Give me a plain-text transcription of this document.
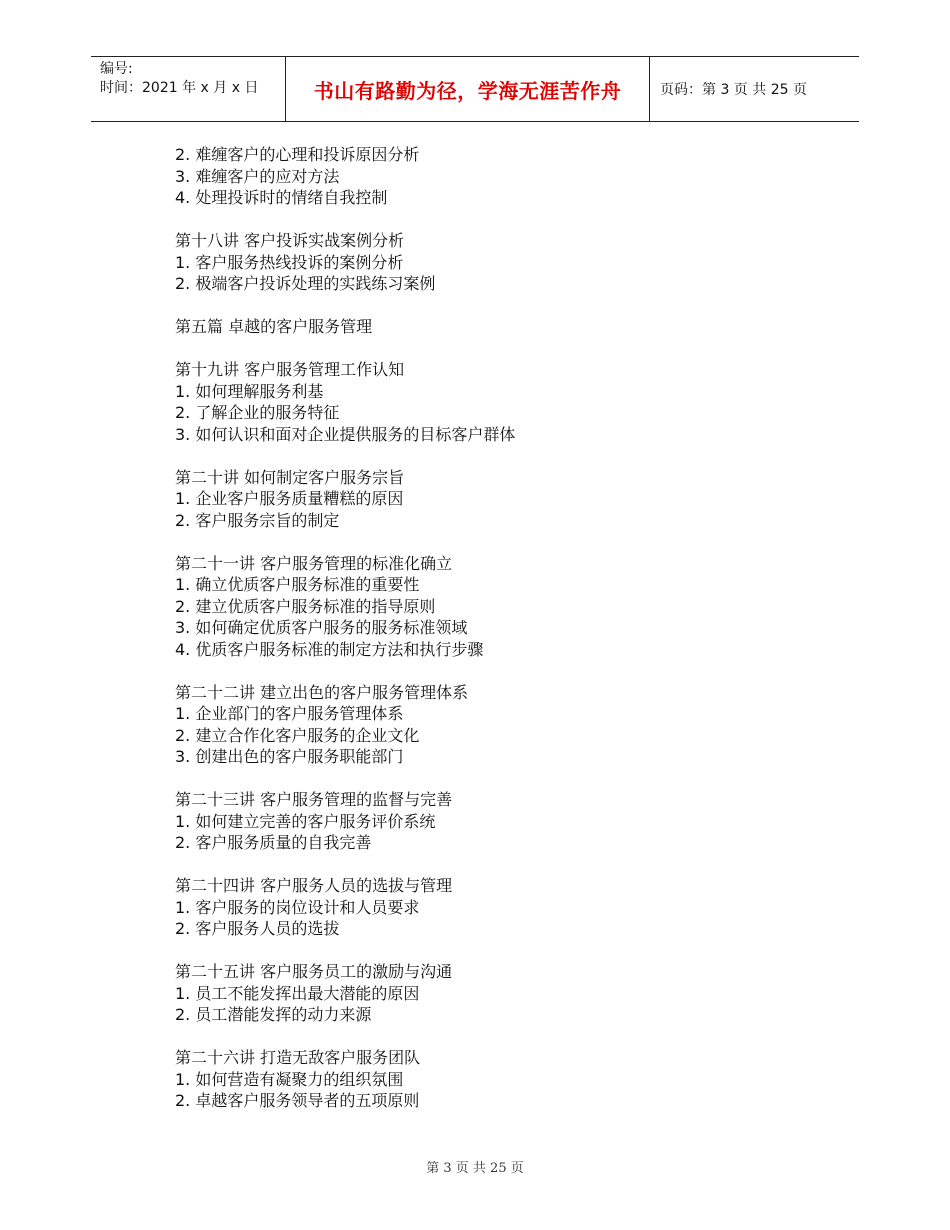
编号:
时间：2021 年 x 月 x 日	书山有路勤为径，学海无涯苦作舟	页码：第 3 页 共 25 页
2. 难缠客户的心理和投诉原因分析
3. 难缠客户的应对方法
4. 处理投诉时的情绪自我控制
第十八讲 客户投诉实战案例分析
1. 客户服务热线投诉的案例分析
2. 极端客户投诉处理的实践练习案例
第五篇 卓越的客户服务管理
第十九讲 客户服务管理工作认知
1. 如何理解服务利基
2. 了解企业的服务特征
3. 如何认识和面对企业提供服务的目标客户群体
第二十讲 如何制定客户服务宗旨
1. 企业客户服务质量糟糕的原因
2. 客户服务宗旨的制定
第二十一讲 客户服务管理的标准化确立
1. 确立优质客户服务标准的重要性
2. 建立优质客户服务标准的指导原则
3. 如何确定优质客户服务的服务标准领域
4. 优质客户服务标准的制定方法和执行步骤
第二十二讲 建立出色的客户服务管理体系
1. 企业部门的客户服务管理体系
2. 建立合作化客户服务的企业文化
3. 创建出色的客户服务职能部门
第二十三讲 客户服务管理的监督与完善
1. 如何建立完善的客户服务评价系统
2. 客户服务质量的自我完善
第二十四讲 客户服务人员的选拔与管理
1. 客户服务的岗位设计和人员要求
2. 客户服务人员的选拔
第二十五讲 客户服务员工的激励与沟通
1. 员工不能发挥出最大潜能的原因
2. 员工潜能发挥的动力来源
第二十六讲 打造无敌客户服务团队
1. 如何营造有凝聚力的组织氛围
2. 卓越客户服务领导者的五项原则
第 3 页 共 25 页
